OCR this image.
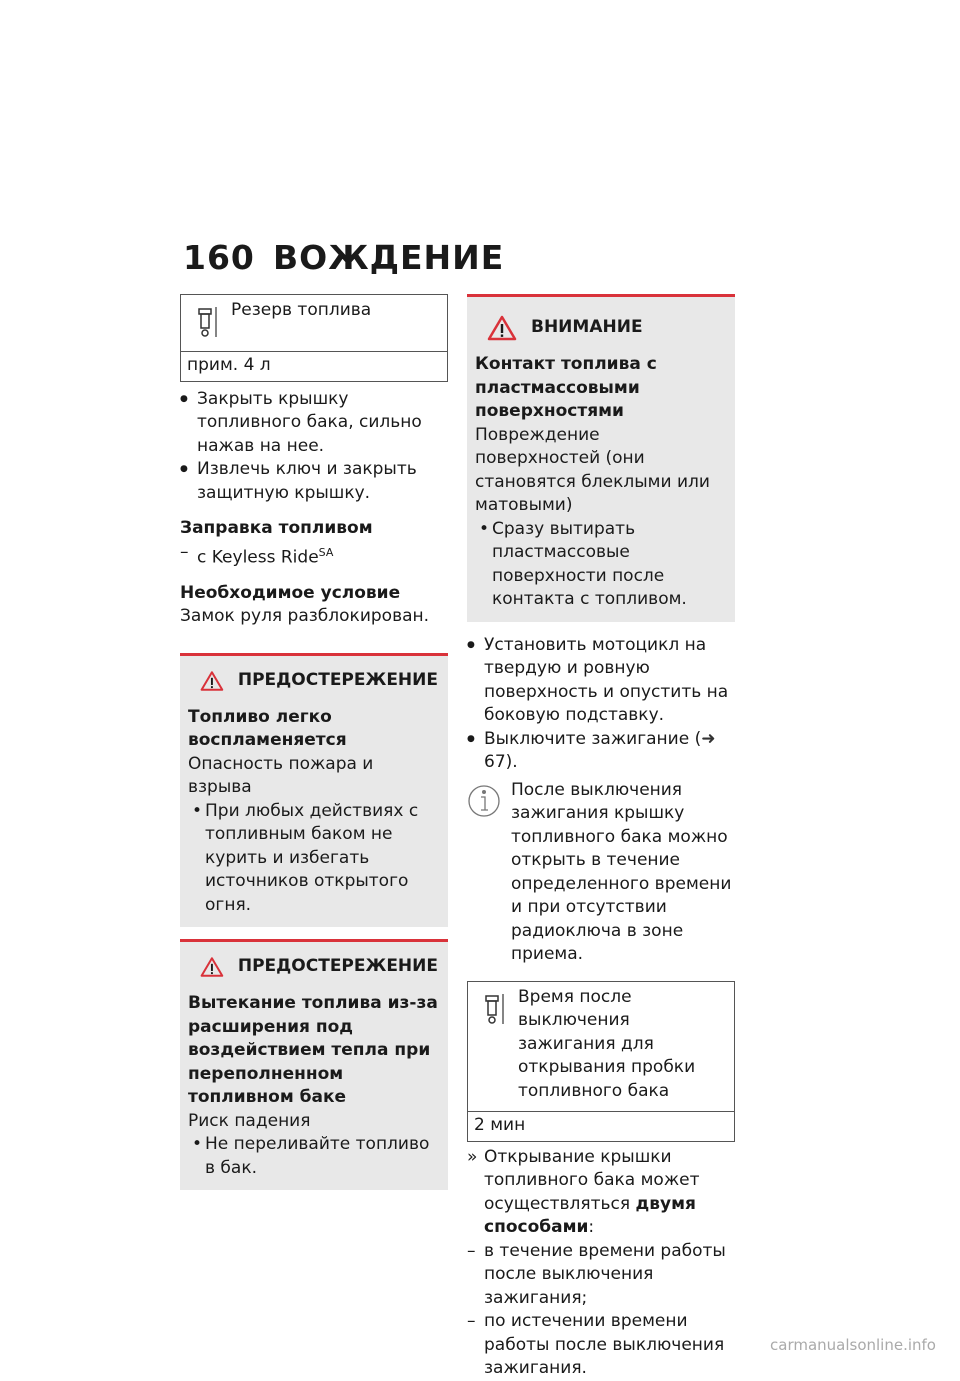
160 ВОЖДЕНИЕ
Резерв топлива
прим. 4 л
● Закрыть крышку топливного бака, сильно нажав на нее.
● Извлечь ключ и закрыть защитную крышку.
Заправка топливом
– с Keyless Ride$^{SA}$
Необходимое условие
Замок руля разблокирован.
ПРЕДОСТЕРЕЖЕНИЕ
Топливо легко воспламеняется
Опасность пожара и взрыва
• При любых действиях с топливным баком не курить и избегать источников открытого огня.
ПРЕДОСТЕРЕЖЕНИЕ
Вытекание топлива из-за расширения под воздействием тепла при переполненном топливном баке
Риск падения
• Не переливайте топливо в бак.
ВНИМАНИЕ
Контакт топлива с пластмассовыми поверхностями
Повреждение поверхностей (они становятся блеклыми или матовыми)
• Сразу вытирать пластмассовые поверхности после контакта с топливом.
● Установить мотоцикл на твердую и ровную поверхность и опустить на боковую подставку.
● Выключите зажигание (➜ 67).
После выключения зажигания крышку топливного бака можно открыть в течение определенного времени и при отсутствии радиоключа в зоне приема.
Время после выключения зажигания для открывания пробки топливного бака
2 мин
» Открывание крышки топливного бака может осуществляться двумя способами:
– в течение времени работы после выключения зажигания;
– по истечении времени работы после выключения зажигания.
carmanualsonline.info
